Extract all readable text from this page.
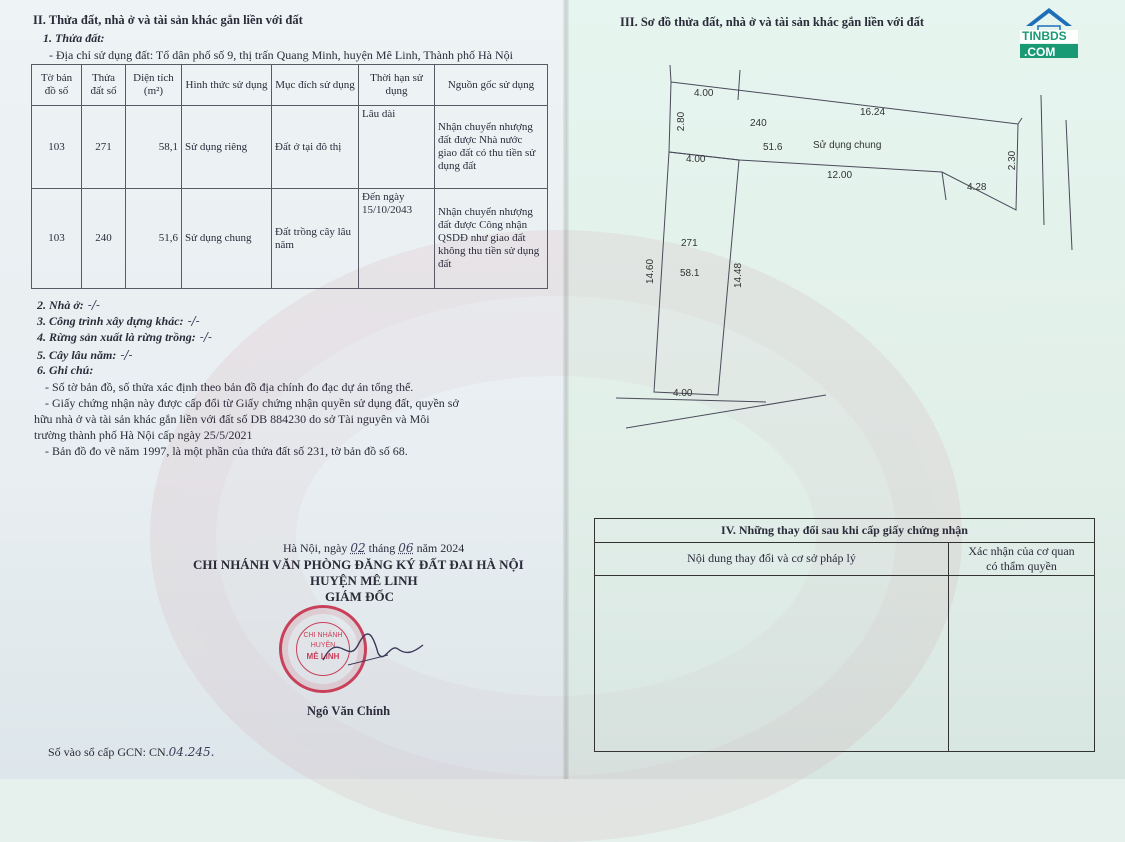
II. Thửa đất, nhà ở và tài sản khác gắn liền với đất
1. Thửa đất:
- Địa chỉ sử dụng đất: Tổ dân phố số 9, thị trấn Quang Minh, huyện Mê Linh, Thành phố Hà Nội
Tờ bản đồ số	Thửa đất số	Diện tích (m²)	Hình thức sử dụng	Mục đích sử dụng	Thời hạn sử dụng	Nguồn gốc sử dụng
103	271	58,1	Sử dụng riêng	Đất ở tại đô thị	Lâu dài	Nhận chuyển nhượng đất được Nhà nước giao đất có thu tiền sử dụng đất
103	240	51,6	Sử dụng chung	Đất trồng cây lâu năm	Đến ngày 15/10/2043	Nhận chuyển nhượng đất được Công nhận QSDĐ như giao đất không thu tiền sử dụng đất
2. Nhà ở: -/-
3. Công trình xây dựng khác: -/-
4. Rừng sản xuất là rừng trồng: -/-
5. Cây lâu năm: -/-
6. Ghi chú:
- Số tờ bản đồ, số thửa xác định theo bản đồ địa chính đo đạc dự án tổng thể.
- Giấy chứng nhận này được cấp đổi từ Giấy chứng nhận quyền sử dụng đất, quyền sở
hữu nhà ở và tài sản khác gắn liền với đất số DB 884230 do sở Tài nguyên và Môi
trường thành phố Hà Nội cấp ngày 25/5/2021
- Bản đồ đo vẽ năm 1997, là một phần của thửa đất số 231, tờ bản đồ số 68.
Hà Nội, ngày 02 tháng 06 năm 2024
CHI NHÁNH VĂN PHÒNG ĐĂNG KÝ ĐẤT ĐAI HÀ NỘI
HUYỆN MÊ LINH
GIÁM ĐỐC
CHI NHÁNH
HUYỆN
MÊ LINH
Ngô Văn Chính
Số vào sổ cấp GCN: CN.04.245.
III. Sơ đồ thửa đất, nhà ở và tài sản khác gắn liền với đất
4.00
16.24
2.80
2.30
240
51.6	Sử dụng chung
4.00
12.00
4.28
271
58.1
14.60	14.48
4.00
IV. Những thay đổi sau khi cấp giấy chứng nhận
Nội dung thay đổi và cơ sở pháp lý	Xác nhận của cơ quan
có thẩm quyền
TINBDS
.COM
